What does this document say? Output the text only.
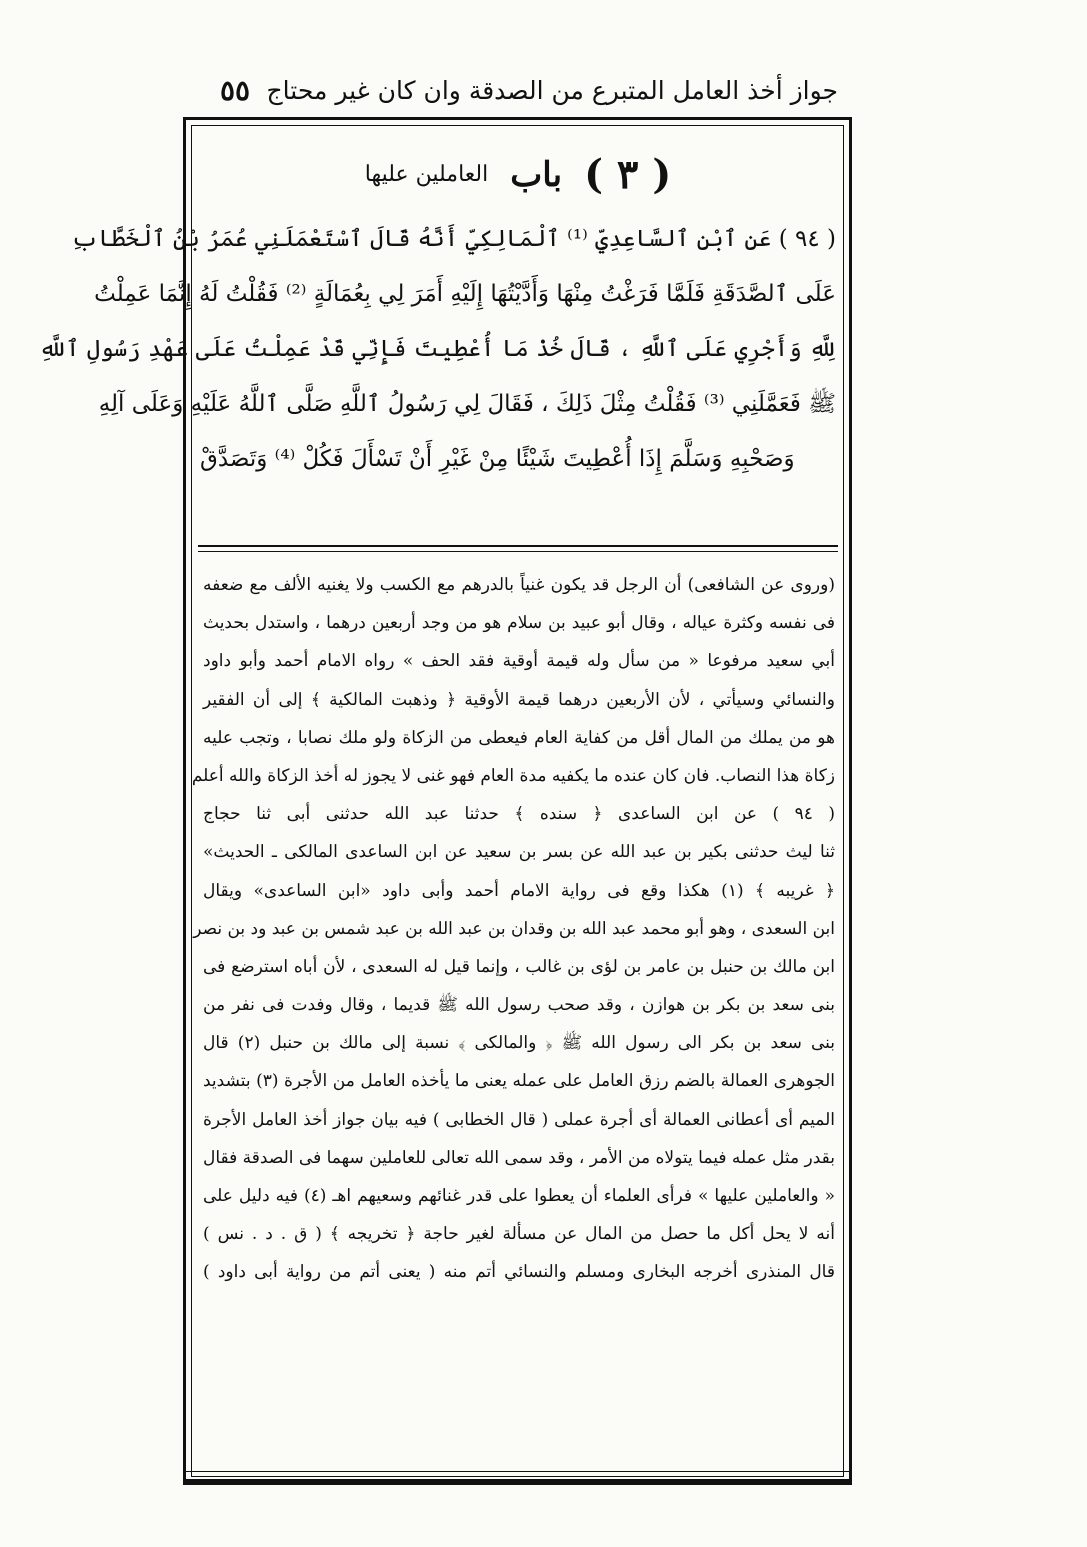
جواز أخذ العامل المتبرع من الصدقة وان كان غير محتاج
٥٥
( ٣ )
باب
العاملين عليها
( ٩٤ ) عَنِ ٱبْنِ ٱلسَّاعِدِيِّ ⁽¹⁾ ٱلْمَالِكِيِّ أَنَّهُ قَالَ ٱسْتَعْمَلَنِي عُمَرُ بْنُ ٱلْخَطَّابِ
عَلَى ٱلصَّدَقَةِ فَلَمَّا فَرَغْتُ مِنْهَا وَأَدَّيْتُهَا إِلَيْهِ أَمَرَ لِي بِعُمَالَةٍ ⁽²⁾ فَقُلْتُ لَهُ إِنَّمَا عَمِلْتُ
لِلَّهِ وَأَجْرِي عَلَى ٱللَّهِ ، قَالَ خُذْ مَا أُعْطِيتَ فَإِنِّي قَدْ عَمِلْتُ عَلَى عَهْدِ رَسُولِ ٱللَّهِ
ﷺ فَعَمَّلَنِي ⁽³⁾ فَقُلْتُ مِثْلَ ذَلِكَ ، فَقَالَ لِي رَسُولُ ٱللَّهِ صَلَّى ٱللَّهُ عَلَيْهِ وَعَلَى آلِهِ
وَصَحْبِهِ وَسَلَّمَ إِذَا أُعْطِيتَ شَيْئًا مِنْ غَيْرِ أَنْ تَسْأَلَ فَكُلْ ⁽⁴⁾ وَتَصَدَّقْ
(وروى عن الشافعى) أن الرجل قد يكون غنياً بالدرهم مع الكسب ولا يغنيه الألف مع ضعفه
فى نفسه وكثرة عياله ، وقال أبو عبيد بن سلام هو من وجد أربعين درهما ، واستدل بحديث
أبي سعيد مرفوعا « من سأل وله قيمة أوقية فقد الحف » رواه الامام أحمد وأبو داود
والنسائي وسيأتي ، لأن الأربعين درهما قيمة الأوقية ﴿ وذهبت المالكية ﴾ إلى أن الفقير
هو من يملك من المال أقل من كفاية العام فيعطى من الزكاة ولو ملك نصابا ، وتجب عليه
زكاة هذا النصاب. فان كان عنده ما يكفيه مدة العام فهو غنى لا يجوز له أخذ الزكاة والله أعلم
( ٩٤ ) عن ابن الساعدى ﴿ سنده ﴾ حدثنا عبد الله حدثنى أبى ثنا حجاج
ثنا ليث حدثنى بكير بن عبد الله عن بسر بن سعيد عن ابن الساعدى المالكى ـ الحديث»
﴿ غريبه ﴾ (١) هكذا وقع فى رواية الامام أحمد وأبى داود «ابن الساعدى» ويقال
ابن السعدى ، وهو أبو محمد عبد الله بن وقدان بن عبد الله بن عبد شمس بن عبد ود بن نصر
ابن مالك بن حنبل بن عامر بن لؤى بن غالب ، وإنما قيل له السعدى ، لأن أباه استرضع فى
بنى سعد بن بكر بن هوازن ، وقد صحب رسول الله ﷺ قديما ، وقال وفدت فى نفر من
بنى سعد بن بكر الى رسول الله ﷺ ﴿ والمالكى ﴾ نسبة إلى مالك بن حنبل (٢) قال
الجوهرى العمالة بالضم رزق العامل على عمله يعنى ما يأخذه العامل من الأجرة (٣) بتشديد
الميم أى أعطانى العمالة أى أجرة عملى ( قال الخطابى ) فيه بيان جواز أخذ العامل الأجرة
بقدر مثل عمله فيما يتولاه من الأمر ، وقد سمى الله تعالى للعاملين سهما فى الصدقة فقال
« والعاملين عليها » فرأى العلماء أن يعطوا على قدر غنائهم وسعيهم اهـ (٤) فيه دليل على
أنه لا يحل أكل ما حصل من المال عن مسألة لغير حاجة ﴿ تخريجه ﴾ ( ق . د . نس )
قال المنذرى أخرجه البخارى ومسلم والنسائي أتم منه ( يعنى أتم من رواية أبى داود )
